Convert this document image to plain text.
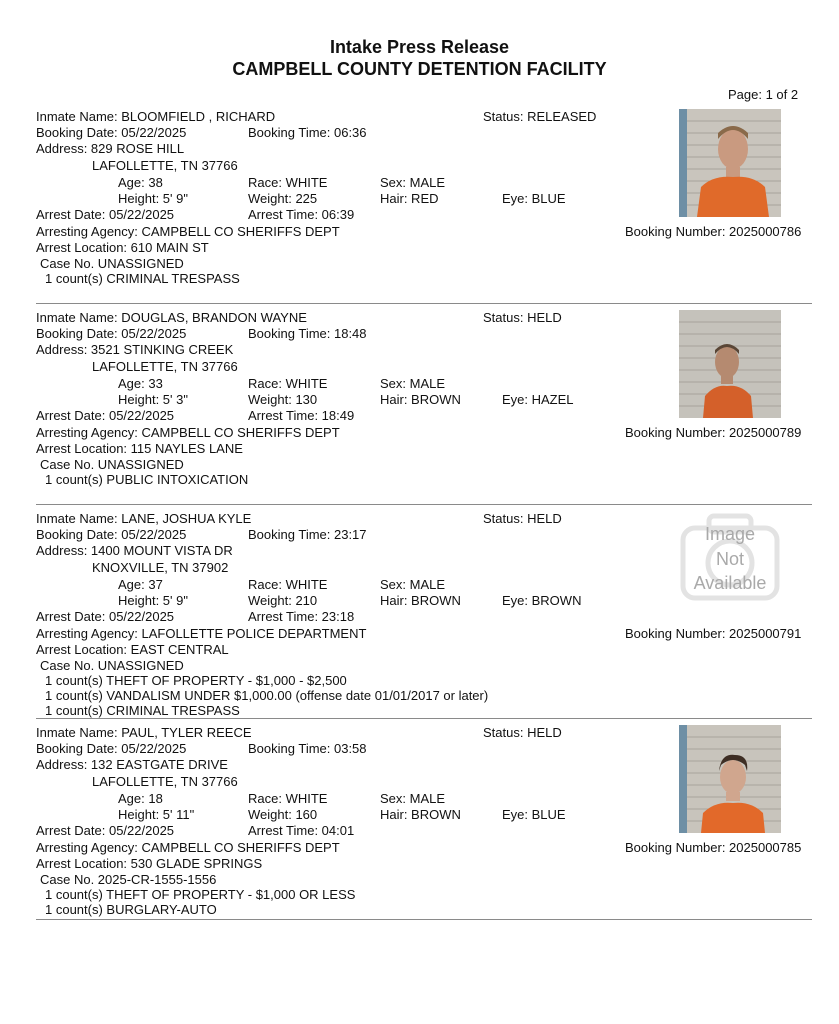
Intake Press Release
CAMPBELL COUNTY DETENTION FACILITY
Page: 1 of 2
Inmate Name: BLOOMFIELD , RICHARD	Status: RELEASED
Booking Date: 05/22/2025	Booking Time: 06:36
Address: 829 ROSE HILL
LAFOLLETTE, TN 37766
Age: 38	Race: WHITE	Sex: MALE
Height: 5' 9"	Weight: 225	Hair: RED	Eye: BLUE
Arrest Date: 05/22/2025	Arrest Time: 06:39
Arresting Agency: CAMPBELL CO SHERIFFS DEPT	Booking Number: 2025000786
Arrest Location: 610 MAIN ST
Case No. UNASSIGNED
1 count(s) CRIMINAL TRESPASS
Inmate Name: DOUGLAS, BRANDON WAYNE	Status: HELD
Booking Date: 05/22/2025	Booking Time: 18:48
Address: 3521 STINKING CREEK
LAFOLLETTE, TN 37766
Age: 33	Race: WHITE	Sex: MALE
Height: 5' 3"	Weight: 130	Hair: BROWN	Eye: HAZEL
Arrest Date: 05/22/2025	Arrest Time: 18:49
Arresting Agency: CAMPBELL CO SHERIFFS DEPT	Booking Number: 2025000789
Arrest Location: 115 NAYLES LANE
Case No. UNASSIGNED
1 count(s) PUBLIC INTOXICATION
Inmate Name: LANE, JOSHUA KYLE	Status: HELD
Booking Date: 05/22/2025	Booking Time: 23:17
Address: 1400 MOUNT VISTA DR
KNOXVILLE, TN 37902
Age: 37	Race: WHITE	Sex: MALE
Height: 5' 9"	Weight: 210	Hair: BROWN	Eye: BROWN
Arrest Date: 05/22/2025	Arrest Time: 23:18
Arresting Agency: LAFOLLETTE POLICE DEPARTMENT	Booking Number: 2025000791
Arrest Location: EAST CENTRAL
Case No. UNASSIGNED
1 count(s) THEFT OF PROPERTY - $1,000 - $2,500
1 count(s) VANDALISM UNDER $1,000.00 (offense date 01/01/2017 or later)
1 count(s) CRIMINAL TRESPASS
Image
Not
Available
Inmate Name: PAUL, TYLER REECE	Status: HELD
Booking Date: 05/22/2025	Booking Time: 03:58
Address: 132 EASTGATE DRIVE
LAFOLLETTE, TN 37766
Age: 18	Race: WHITE	Sex: MALE
Height: 5' 11"	Weight: 160	Hair: BROWN	Eye: BLUE
Arrest Date: 05/22/2025	Arrest Time: 04:01
Arresting Agency: CAMPBELL CO SHERIFFS DEPT	Booking Number: 2025000785
Arrest Location: 530 GLADE SPRINGS
Case No. 2025-CR-1555-1556
1 count(s) THEFT OF PROPERTY - $1,000 OR LESS
1 count(s) BURGLARY-AUTO
